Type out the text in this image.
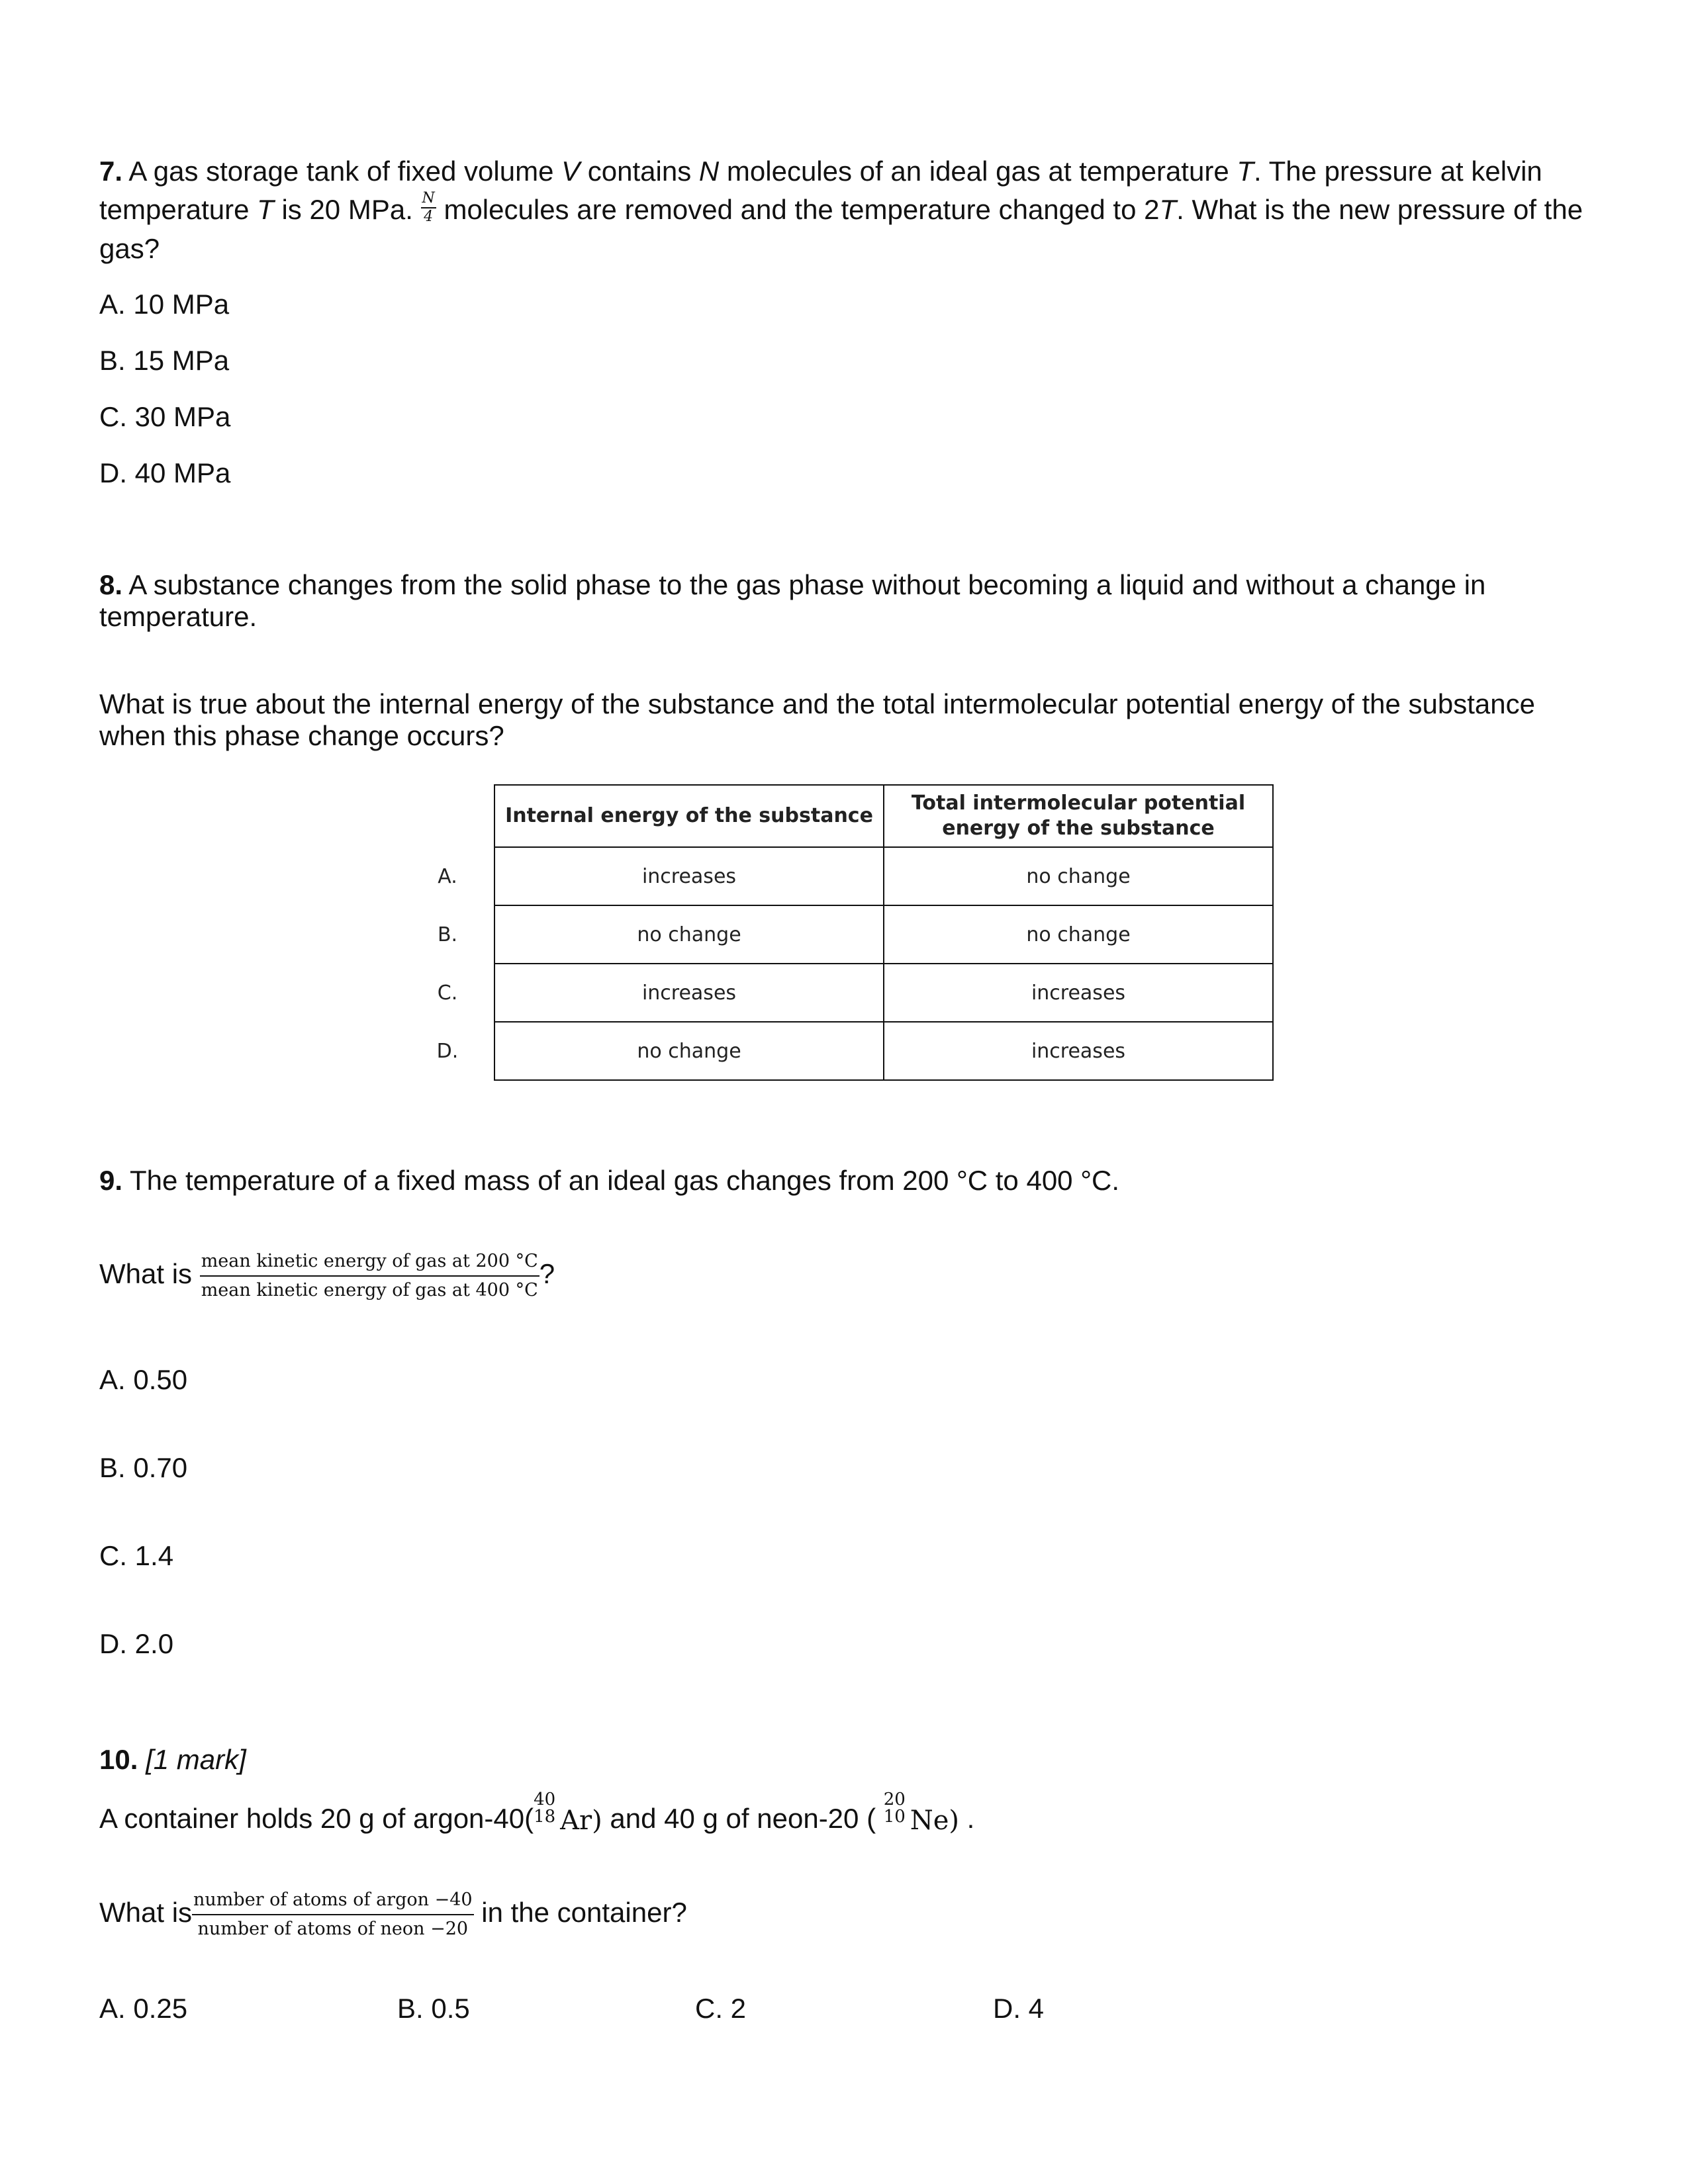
7. A gas storage tank of fixed volume V contains N molecules of an ideal gas at temperature T. The pressure at kelvin temperature T is 20 MPa. $\frac{N}{4}$ molecules are removed and the temperature changed to 2T. What is the new pressure of the gas?
A. 10 MPa
B. 15 MPa
C. 30 MPa
D. 40 MPa
8. A substance changes from the solid phase to the gas phase without becoming a liquid and without a change in temperature.
What is true about the internal energy of the substance and the total intermolecular potential energy of the substance when this phase change occurs?
	Internal energy of the substance	Total intermolecular potential energy of the substance
A.	increases	no change
B.	no change	no change
C.	increases	increases
D.	no change	increases
9. The temperature of a fixed mass of an ideal gas changes from 200 °C to 400 °C.
What is $\frac{\text{mean kinetic energy of gas at 200 °C}}{\text{mean kinetic energy of gas at 400 °C}}$ ?
A. 0.50
B. 0.70
C. 1.4
D. 2.0
10. [1 mark]
A container holds 20 g of argon-40(
40
18 Ar) and 40 g of neon-20 (
20
10 Ne) .
What is $\frac{\text{number of atoms of argon −40}}{\text{number of atoms of neon −20}}$ in the container?
A. 0.25	B. 0.5	C. 2	D. 4
